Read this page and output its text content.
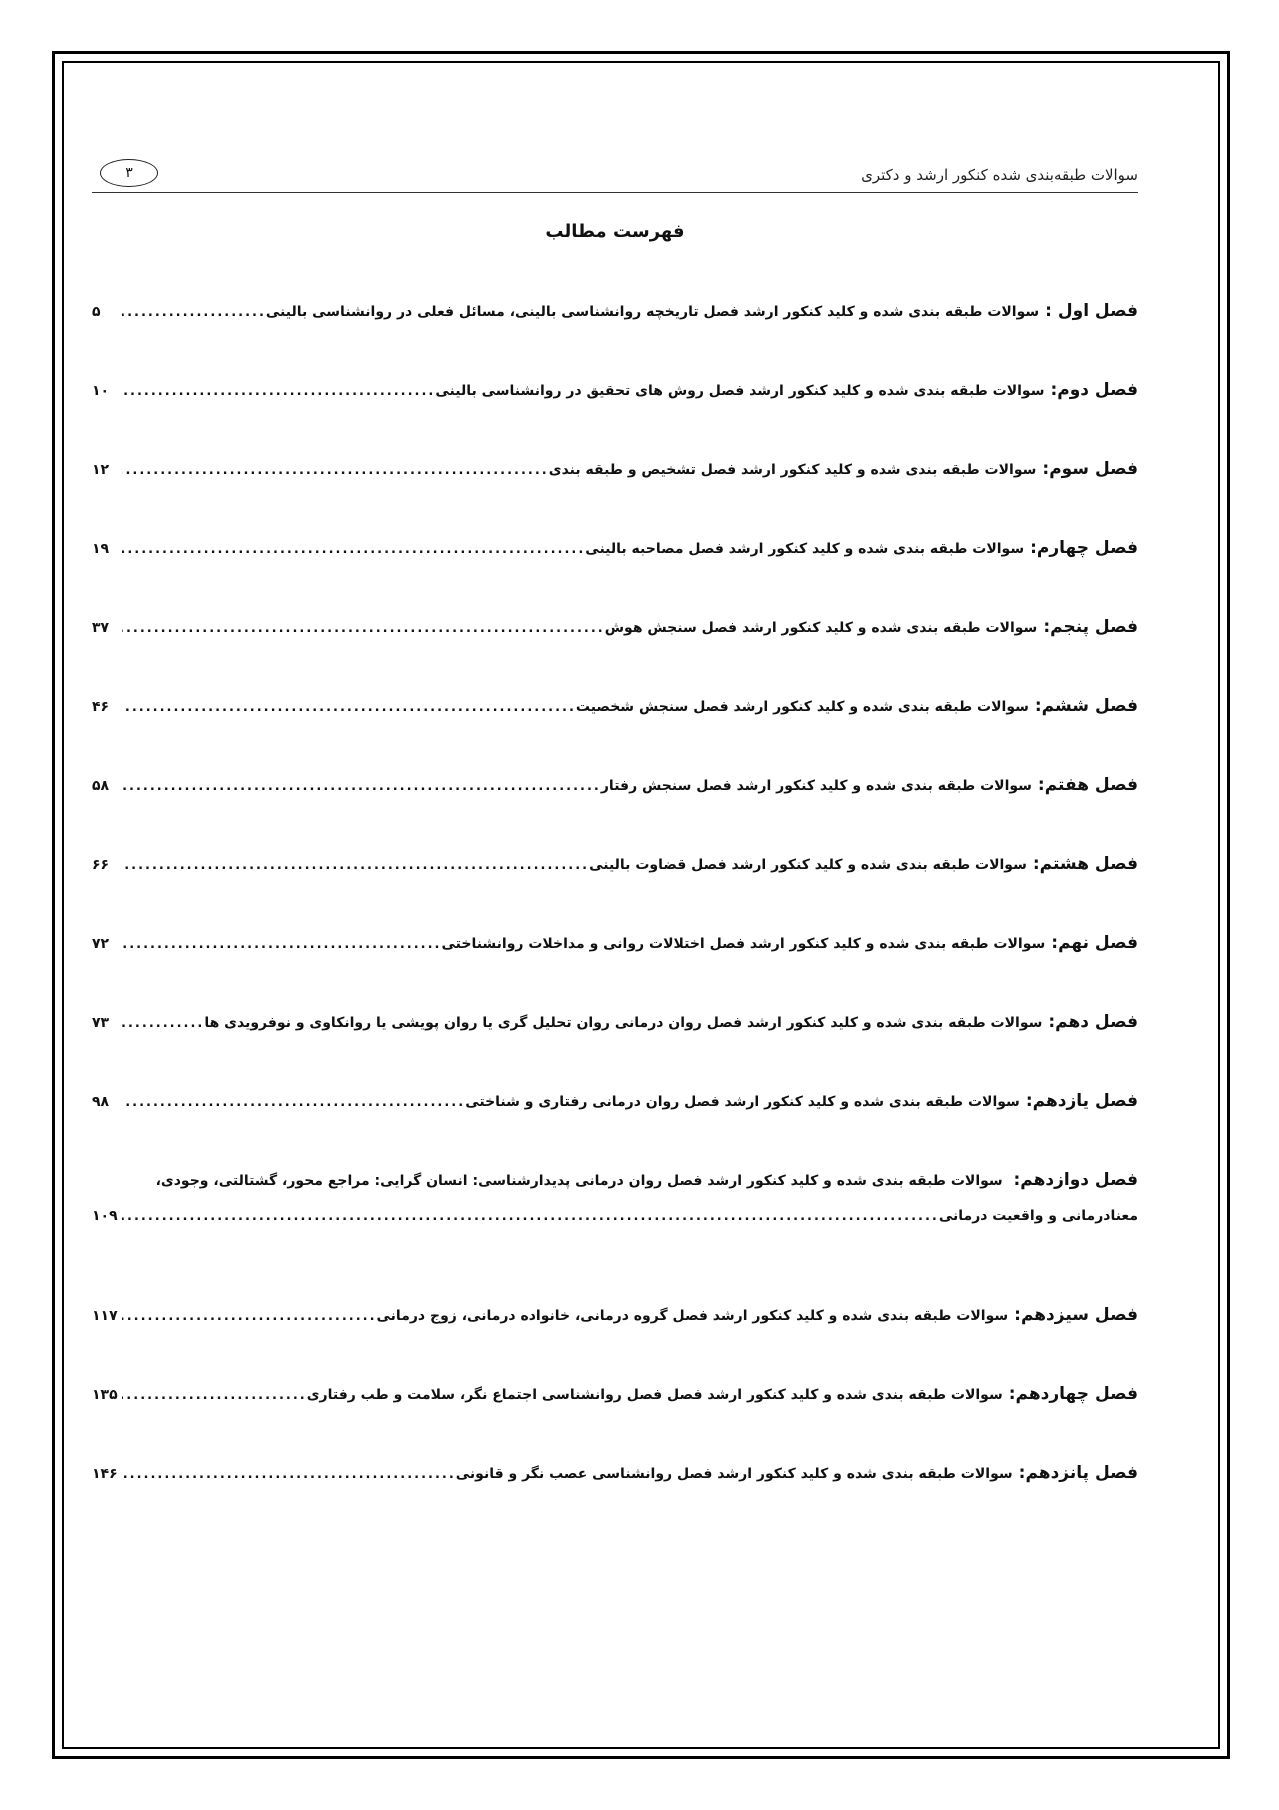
سوالات طبقه‌بندی شده کنکور ارشد و دکتری
۳
فهرست مطالب
فصل اول :
سوالات طبقه بندی شده و کلید کنکور ارشد فصل تاریخچه روانشناسی بالینی، مسائل فعلی در روانشناسی بالینی
.....
۵
فصل دوم:
سوالات طبقه بندی شده و کلید کنکور ارشد فصل روش های تحقیق در روانشناسی بالینی
.....
۱۰
فصل سوم:
سوالات طبقه بندی شده و کلید کنکور ارشد فصل تشخیص و طبقه بندی
.....
۱۲
فصل چهارم:
سوالات طبقه بندی شده و کلید کنکور ارشد فصل مصاحبه بالینی
.....
۱۹
فصل پنجم:
سوالات طبقه بندی شده و کلید کنکور ارشد فصل سنجش هوش
.....
۳۷
فصل ششم:
سوالات طبقه بندی شده و کلید کنکور ارشد فصل سنجش شخصیت
.....
۴۶
فصل هفتم:
سوالات طبقه بندی شده و کلید کنکور ارشد فصل سنجش رفتار
.....
۵۸
فصل هشتم:
سوالات طبقه بندی شده و کلید کنکور ارشد فصل قضاوت بالینی
.....
۶۶
فصل نهم:
سوالات طبقه بندی شده و کلید کنکور ارشد فصل اختلالات روانی و مداخلات روانشناختی
.....
۷۲
فصل دهم:
سوالات طبقه بندی شده و کلید کنکور ارشد فصل روان درمانی روان تحلیل گری یا روان پویشی یا روانکاوی و نوفرویدی ها
.....
۷۳
فصل یازدهم:
سوالات طبقه بندی شده و کلید کنکور ارشد فصل روان درمانی رفتاری و شناختی
.....
۹۸
فصل دوازدهم: سوالات طبقه بندی شده و کلید کنکور ارشد فصل روان درمانی پدیدارشناسی: انسان گرایی: مراجع محور، گشتالتی، وجودی،
معنادرمانی و واقعیت درمانی
.....
۱۰۹
فصل سیزدهم:
سوالات طبقه بندی شده و کلید کنکور ارشد فصل گروه درمانی، خانواده درمانی، زوج درمانی
.....
۱۱۷
فصل چهاردهم:
سوالات طبقه بندی شده و کلید کنکور ارشد فصل فصل روانشناسی اجتماع نگر، سلامت و طب رفتاری
.....
۱۳۵
فصل پانزدهم:
سوالات طبقه بندی شده و کلید کنکور ارشد فصل روانشناسی عصب نگر و قانونی
.....
۱۴۶
